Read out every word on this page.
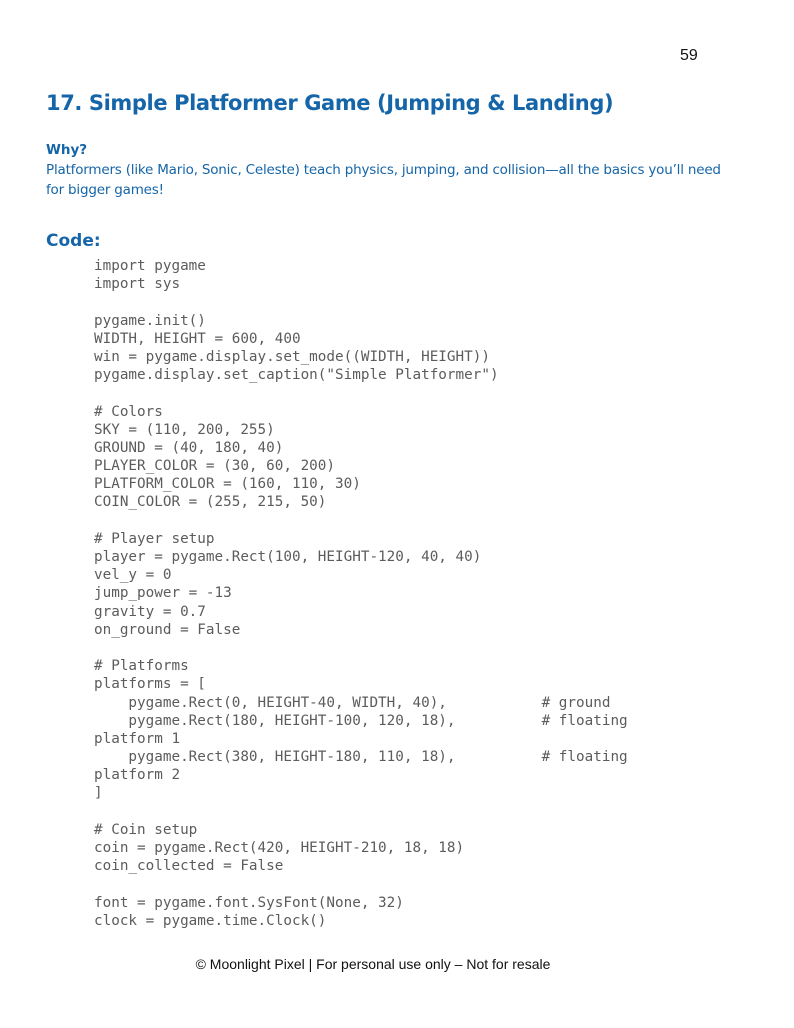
59
17. Simple Platformer Game (Jumping & Landing)
Why?
Platformers (like Mario, Sonic, Celeste) teach physics, jumping, and collision—all the basics you’ll need for bigger games!
Code:
import pygame
import sys
pygame.init()
WIDTH, HEIGHT = 600, 400
win = pygame.display.set_mode((WIDTH, HEIGHT))
pygame.display.set_caption("Simple Platformer")
# Colors
SKY = (110, 200, 255)
GROUND = (40, 180, 40)
PLAYER_COLOR = (30, 60, 200)
PLATFORM_COLOR = (160, 110, 30)
COIN_COLOR = (255, 215, 50)
# Player setup
player = pygame.Rect(100, HEIGHT-120, 40, 40)
vel_y = 0
jump_power = -13
gravity = 0.7
on_ground = False
# Platforms
platforms = [
pygame.Rect(0, HEIGHT-40, WIDTH, 40),           # ground
pygame.Rect(180, HEIGHT-100, 120, 18),          # floating
platform 1
pygame.Rect(380, HEIGHT-180, 110, 18),          # floating
platform 2
]
# Coin setup
coin = pygame.Rect(420, HEIGHT-210, 18, 18)
coin_collected = False
font = pygame.font.SysFont(None, 32)
clock = pygame.time.Clock()
© Moonlight Pixel | For personal use only – Not for resale
